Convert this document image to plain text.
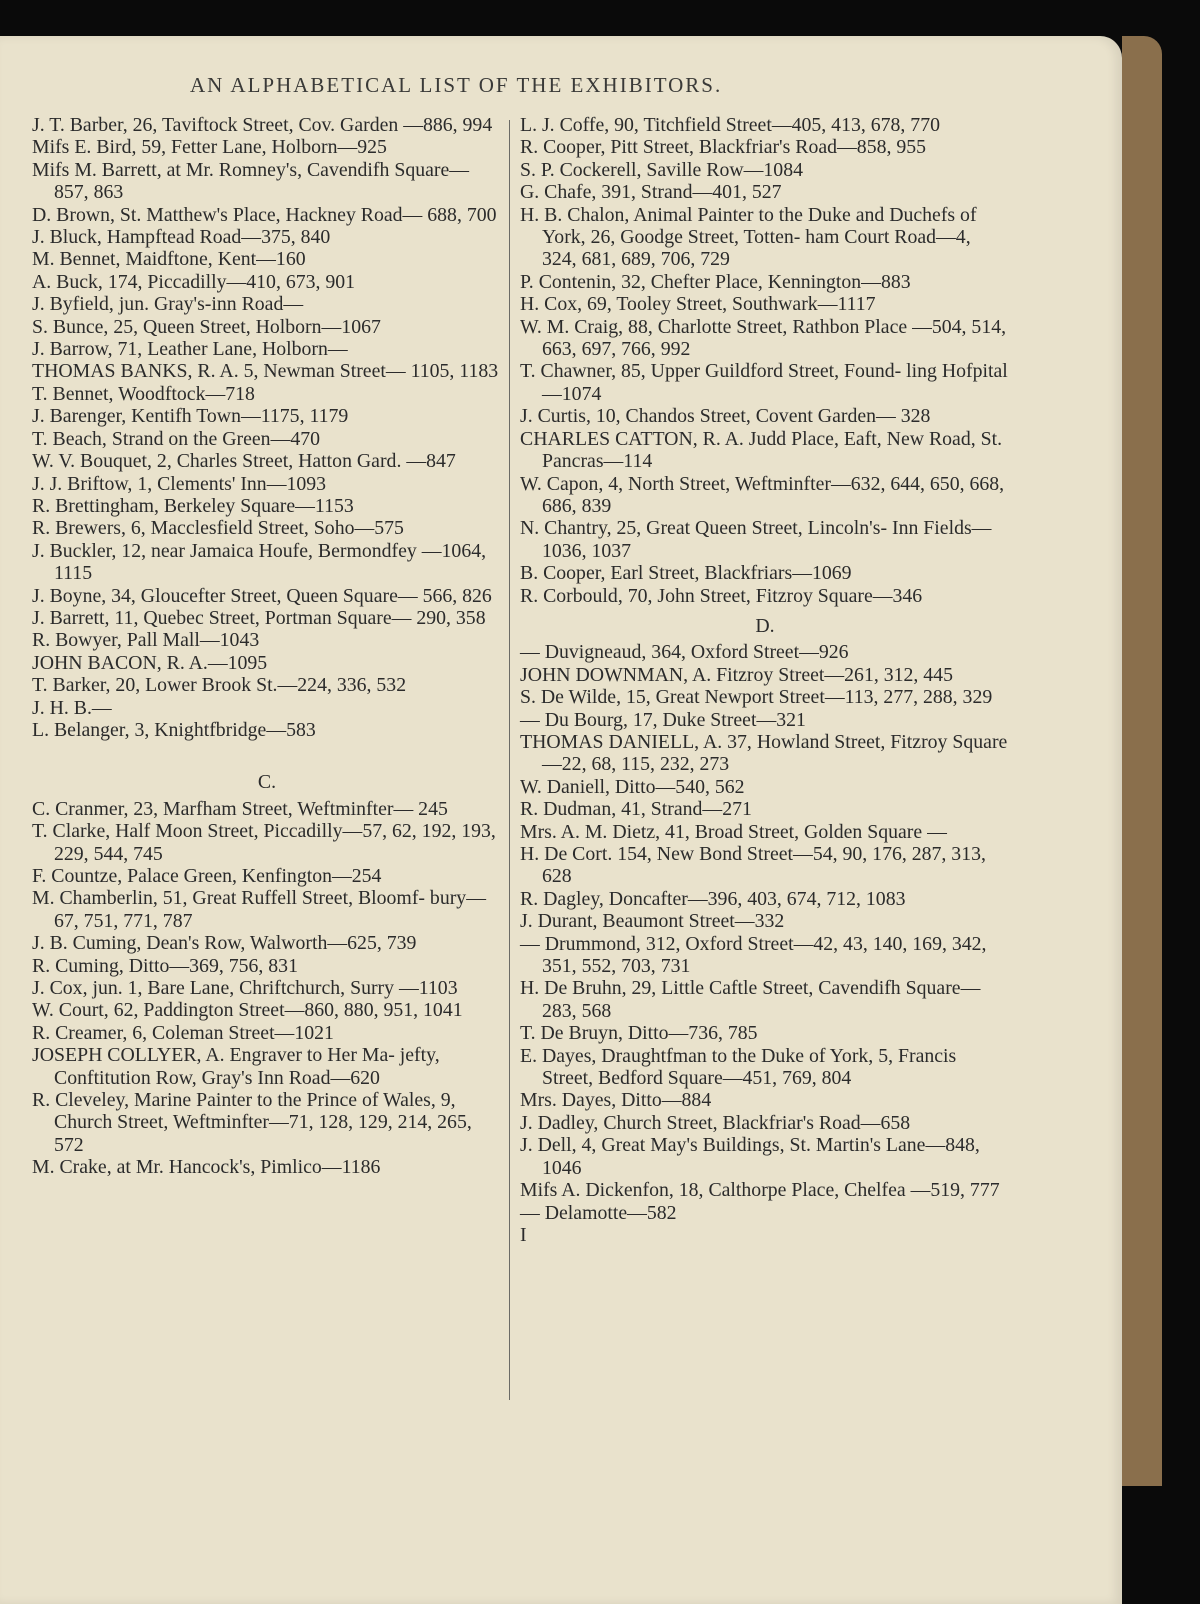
AN ALPHABETICAL LIST OF THE EXHIBITORS.
J. T. Barber, 26, Taviftock Street, Cov. Garden —886, 994
Mifs E. Bird, 59, Fetter Lane, Holborn—925
Mifs M. Barrett, at Mr. Romney's, Cavendifh Square—857, 863
D. Brown, St. Matthew's Place, Hackney Road— 688, 700
J. Bluck, Hampftead Road—375, 840
M. Bennet, Maidftone, Kent—160
A. Buck, 174, Piccadilly—410, 673, 901
J. Byfield, jun. Gray's-inn Road—
S. Bunce, 25, Queen Street, Holborn—1067
J. Barrow, 71, Leather Lane, Holborn—
THOMAS BANKS, R. A. 5, Newman Street— 1105, 1183
T. Bennet, Woodftock—718
J. Barenger, Kentifh Town—1175, 1179
T. Beach, Strand on the Green—470
W. V. Bouquet, 2, Charles Street, Hatton Gard. —847
J. J. Briftow, 1, Clements' Inn—1093
R. Brettingham, Berkeley Square—1153
R. Brewers, 6, Macclesfield Street, Soho—575
J. Buckler, 12, near Jamaica Houfe, Bermondfey —1064, 1115
J. Boyne, 34, Gloucefter Street, Queen Square— 566, 826
J. Barrett, 11, Quebec Street, Portman Square— 290, 358
R. Bowyer, Pall Mall—1043
JOHN BACON, R. A.—1095
T. Barker, 20, Lower Brook St.—224, 336, 532
J. H. B.—
L. Belanger, 3, Knightfbridge—583
C.
C. Cranmer, 23, Marfham Street, Weftminfter— 245
T. Clarke, Half Moon Street, Piccadilly—57, 62, 192, 193, 229, 544, 745
F. Countze, Palace Green, Kenfington—254
M. Chamberlin, 51, Great Ruffell Street, Bloomf- bury—67, 751, 771, 787
J. B. Cuming, Dean's Row, Walworth—625, 739
R. Cuming, Ditto—369, 756, 831
J. Cox, jun. 1, Bare Lane, Chriftchurch, Surry —1103
W. Court, 62, Paddington Street—860, 880, 951, 1041
R. Creamer, 6, Coleman Street—1021
JOSEPH COLLYER, A. Engraver to Her Ma- jefty, Conftitution Row, Gray's Inn Road—620
R. Cleveley, Marine Painter to the Prince of Wales, 9, Church Street, Weftminfter—71, 128, 129, 214, 265, 572
M. Crake, at Mr. Hancock's, Pimlico—1186
L. J. Coffe, 90, Titchfield Street—405, 413, 678, 770
R. Cooper, Pitt Street, Blackfriar's Road—858, 955
S. P. Cockerell, Saville Row—1084
G. Chafe, 391, Strand—401, 527
H. B. Chalon, Animal Painter to the Duke and Duchefs of York, 26, Goodge Street, Totten- ham Court Road—4, 324, 681, 689, 706, 729
P. Contenin, 32, Chefter Place, Kennington—883
H. Cox, 69, Tooley Street, Southwark—1117
W. M. Craig, 88, Charlotte Street, Rathbon Place —504, 514, 663, 697, 766, 992
T. Chawner, 85, Upper Guildford Street, Found- ling Hofpital—1074
J. Curtis, 10, Chandos Street, Covent Garden— 328
CHARLES CATTON, R. A. Judd Place, Eaft, New Road, St. Pancras—114
W. Capon, 4, North Street, Weftminfter—632, 644, 650, 668, 686, 839
N. Chantry, 25, Great Queen Street, Lincoln's- Inn Fields—1036, 1037
B. Cooper, Earl Street, Blackfriars—1069
R. Corbould, 70, John Street, Fitzroy Square—346
D.
— Duvigneaud, 364, Oxford Street—926
JOHN DOWNMAN, A. Fitzroy Street—261, 312, 445
S. De Wilde, 15, Great Newport Street—113, 277, 288, 329
— Du Bourg, 17, Duke Street—321
THOMAS DANIELL, A. 37, Howland Street, Fitzroy Square—22, 68, 115, 232, 273
W. Daniell, Ditto—540, 562
R. Dudman, 41, Strand—271
Mrs. A. M. Dietz, 41, Broad Street, Golden Square —
H. De Cort. 154, New Bond Street—54, 90, 176, 287, 313, 628
R. Dagley, Doncafter—396, 403, 674, 712, 1083
J. Durant, Beaumont Street—332
— Drummond, 312, Oxford Street—42, 43, 140, 169, 342, 351, 552, 703, 731
H. De Bruhn, 29, Little Caftle Street, Cavendifh Square—283, 568
T. De Bruyn, Ditto—736, 785
E. Dayes, Draughtfman to the Duke of York, 5, Francis Street, Bedford Square—451, 769, 804
Mrs. Dayes, Ditto—884
J. Dadley, Church Street, Blackfriar's Road—658
J. Dell, 4, Great May's Buildings, St. Martin's Lane—848, 1046
Mifs A. Dickenfon, 18, Calthorpe Place, Chelfea —519, 777
— Delamotte—582
I
